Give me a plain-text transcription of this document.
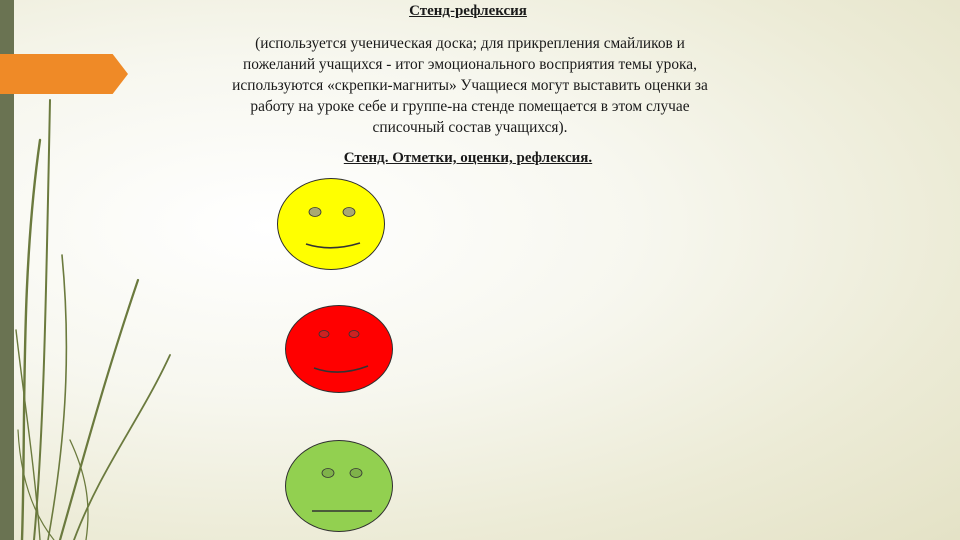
Стенд-рефлексия

(используется ученическая доска; для прикрепления смайликов и пожеланий учащихся - итог эмоционального восприятия темы урока, используются «скрепки-магниты» Учащиеся могут выставить оценки за работу на уроке себе и группе-на стенде помещается в этом случае списочный состав учащихся).

Стенд. Отметки, оценки, рефлексия.
